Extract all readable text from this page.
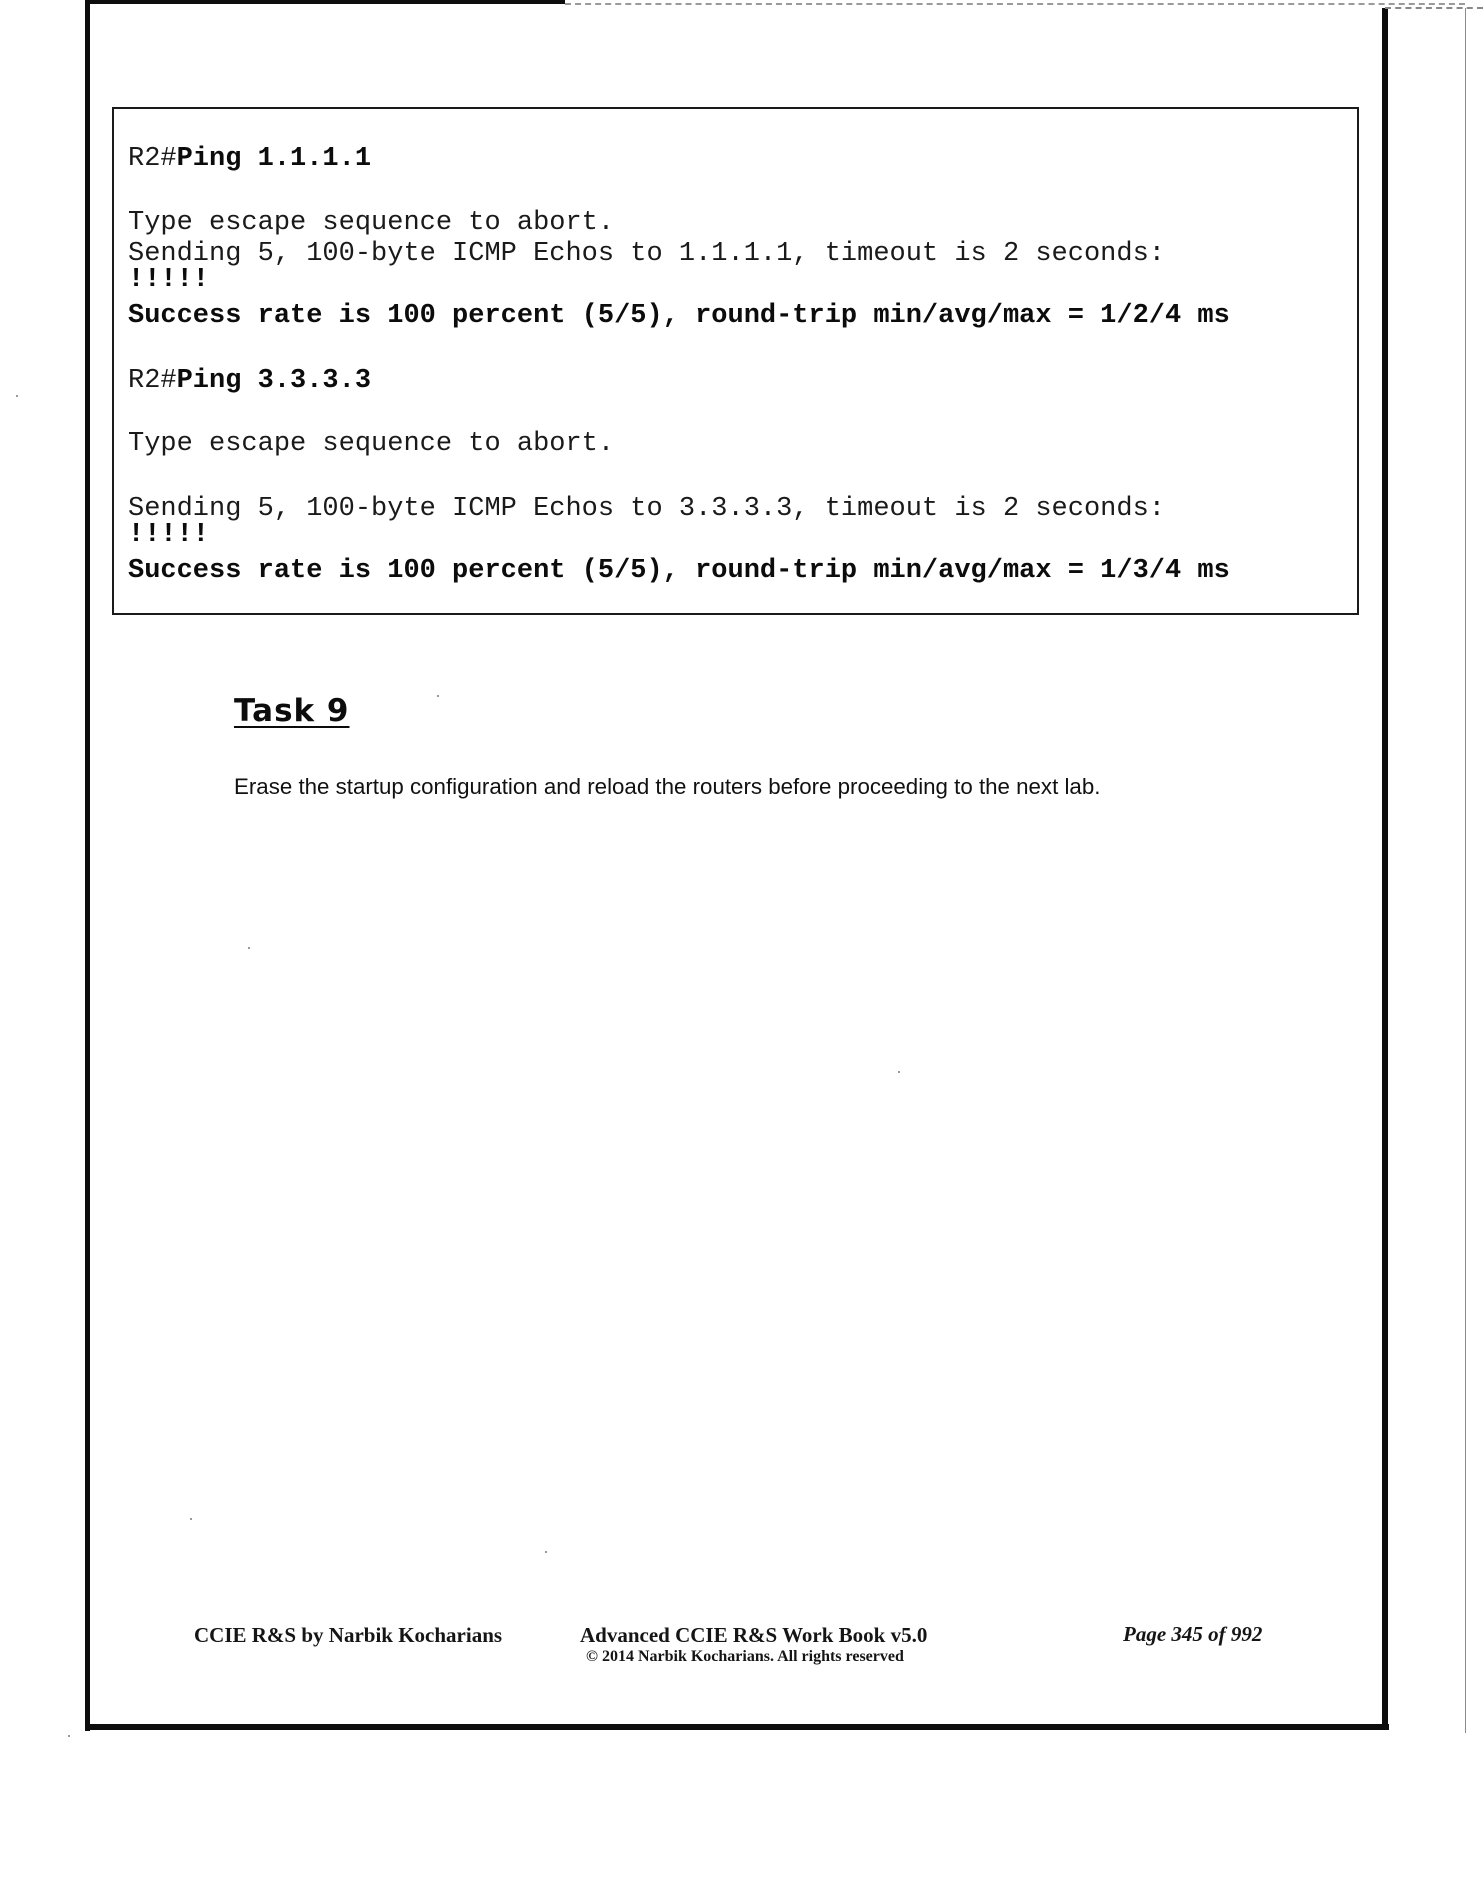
R2#Ping 1.1.1.1
Type escape sequence to abort.
Sending 5, 100-byte ICMP Echos to 1.1.1.1, timeout is 2 seconds:
!!!!!
Success rate is 100 percent (5/5), round-trip min/avg/max = 1/2/4 ms
R2#Ping 3.3.3.3
Type escape sequence to abort.
Sending 5, 100-byte ICMP Echos to 3.3.3.3, timeout is 2 seconds:
!!!!!
Success rate is 100 percent (5/5), round-trip min/avg/max = 1/3/4 ms
Task 9
Erase the startup configuration and reload the routers before proceeding to the next lab.
CCIE R&S by Narbik Kocharians	Advanced CCIE R&S Work Book v5.0
© 2014 Narbik Kocharians. All rights reserved
Page 345 of 992
